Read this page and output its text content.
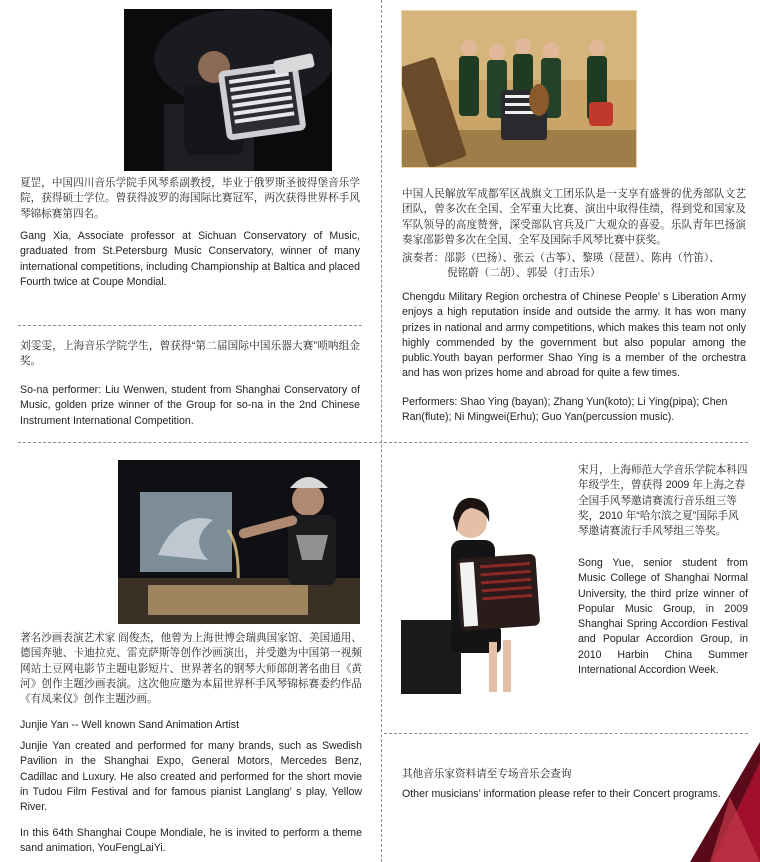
夏罡，中国四川音乐学院手风琴系副教授，毕业于俄罗斯圣彼得堡音乐学院，获得硕士学位。曾获得波罗的海国际比赛冠军，两次获得世界杯手风琴锦标赛第四名。

Gang Xia, Associate professor at Sichuan Conservatory of Music, graduated from St.Petersburg Music Conservatory, winner of many international competitions, including Championship at Baltica and placed Fourth twice at Coupe Mondial.

刘雯雯，上海音乐学院学生，曾获得“第二届国际中国乐器大赛”唢呐组金奖。

So-na performer: Liu Wenwen, student from Shanghai Conservatory of Music, golden prize winner of the Group for so-na in the 2nd Chinese Instrument International Competition.

中国人民解放军成都军区战旗文工团乐队是一支享有盛誉的优秀部队文艺团队，曾多次在全国、全军重大比赛、演出中取得佳绩，得到党和国家及军队领导的高度赞誉，深受部队官兵及广大观众的喜爱。乐队青年巴扬演奏家邵影曾多次在全国、全军及国际手风琴比赛中获奖。

演奏者：邵影（巴扬）、张云（古筝）、黎瑛（琵琶）、陈冉（竹笛）、

倪铭蔚（二胡）、郭晏（打击乐）

Chengdu Military Region orchestra of Chinese People’ s Liberation Army enjoys a high reputation inside and outside the army. It has won many prizes in national and army competitions, which makes this team not only highly commended by the government but also popular among the public.Youth bayan performer Shao Ying is a member of the orchestra and has won prizes home and abroad for quite a few times.

Performers: Shao Ying (bayan); Zhang Yun(koto); Li Ying(pipa); Chen Ran(flute); Ni Mingwei(Erhu); Guo Yan(percussion music).

著名沙画表演艺术家 阎俊杰，他曾为上海世博会瑞典国家馆、美国通用、德国奔驰、卡迪拉克、雷克萨斯等创作沙画演出，并受邀为中国第一视频网站土豆网电影节主题电影短片、世界著名的钢琴大师郎朗著名曲目《黄河》创作主题沙画表演。这次他应邀为本届世界杯手风琴锦标赛委约作品《有凤来仪》创作主题沙画。

Junjie Yan -- Well known Sand Animation Artist

Junjie Yan created and performed for many brands, such as Swedish Pavilion in the Shanghai Expo, General Motors, Mercedes Benz, Cadillac and Luxury. He also created and performed for the short movie in Tudou Film Festival and for famous pianist Langlang’ s play, Yellow River.

In this 64th Shanghai Coupe Mondiale, he is invited to perform a theme sand animation, YouFengLaiYi.

宋月，上海师范大学音乐学院本科四年级学生，曾获得 2009 年上海之春全国手风琴邀请赛流行音乐组三等奖，2010 年“哈尔滨之夏”国际手风琴邀请赛流行手风琴组三等奖。

Song Yue, senior student from Music College of Shanghai Normal University, the third prize winner of Popular Music Group, in 2009 Shanghai Spring Accordion Festival and Popular Accordion Group, in 2010 Harbin China Summer International Accordion Week.

其他音乐家资料请至专场音乐会查询

Other musicians’ information please refer to their Concert programs.
